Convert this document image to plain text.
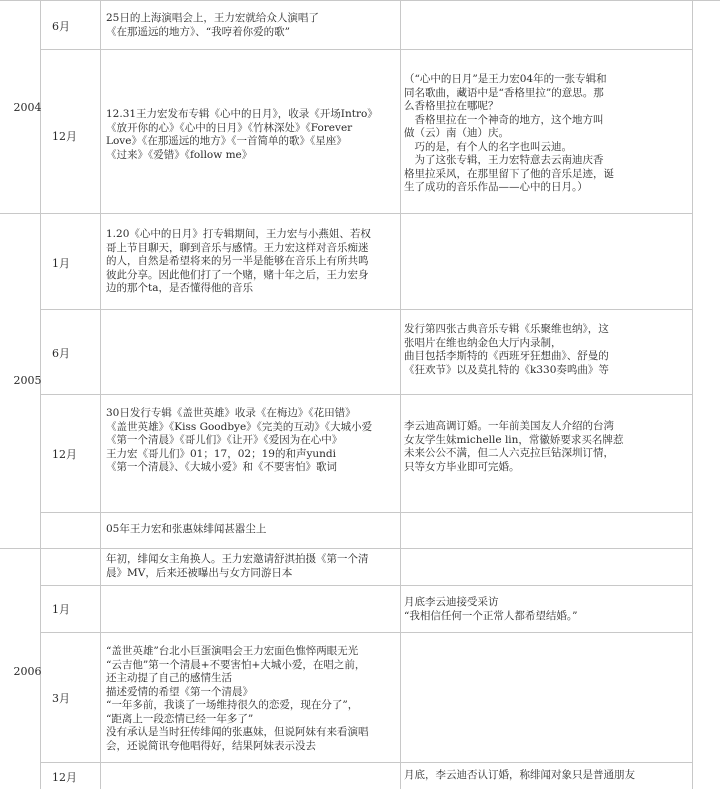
2004
2005
2006
6月
25日的上海演唱会上，王力宏就给众人演唱了
《在那遥远的地方》、“我哼着你爱的歌”
12月
12.31王力宏发布专辑《心中的日月》，收录《开场Intro》
《放开你的心》《心中的日月》《竹林深处》《Forever
Love》《在那遥远的地方》《一首简单的歌》《星座》
《过来》《爱错》《follow me》
（“心中的日月”是王力宏04年的一张专辑和
同名歌曲，藏语中是“香格里拉”的意思。那
么香格里拉在哪呢？
　香格里拉在一个神奇的地方，这个地方叫
做（云）南（迪）庆。
　巧的是，有个人的名字也叫云迪。
　为了这张专辑，王力宏特意去云南迪庆香
格里拉采风，在那里留下了他的音乐足迹，诞
生了成功的音乐作品——心中的日月。）
1月
1.20《心中的日月》打专辑期间，王力宏与小燕姐、若权
哥上节目聊天，聊到音乐与感情。王力宏这样对音乐痴迷
的人，自然是希望将来的另一半是能够在音乐上有所共鸣
彼此分享。因此他们打了一个赌，赌十年之后，王力宏身
边的那个ta，是否懂得他的音乐
6月
发行第四张古典音乐专辑《乐聚维也纳》，这
张唱片在维也纳金色大厅内录制，
曲目包括李斯特的《西班牙狂想曲》、舒曼的
《狂欢节》以及莫扎特的《k330奏鸣曲》等
12月
30日发行专辑《盖世英雄》收录《在梅边》《花田错》
《盖世英雄》《Kiss Goodbye》《完美的互动》《大城小爱
《第一个清晨》《哥儿们》《让开》《爱因为在心中》
王力宏《哥儿们》01；17，02；19的和声yundi
《第一个清晨》、《大城小爱》和《不要害怕》歌词
李云迪高调订婚。一年前美国友人介绍的台湾
女友学生妹michelle lin，常徽娇要求买名牌惹
未来公公不满，但二人六克拉巨钻深圳订情，
只等女方毕业即可完婚。
05年王力宏和张惠妹绯闻甚嚣尘上
年初，绯闻女主角换人。王力宏邀请舒淇拍摄《第一个清
晨》MV，后来还被曝出与女方同游日本
1月
月底李云迪接受采访
“我相信任何一个正常人都希望结婚。”
3月
“盖世英雄”台北小巨蛋演唱会王力宏面色憔悴两眼无光
“云吉他”第一个清晨+不要害怕+大城小爱，在唱之前，
还主动提了自己的感情生活
描述爱情的希望《第一个清晨》
“一年多前，我谈了一场维持很久的恋爱，现在分了”，
“距离上一段恋情已经一年多了”
没有承认是当时狂传绯闻的张惠妹，但说阿妹有来看演唱
会，还说简讯夸他唱得好，结果阿妹表示没去
12月	月底，李云迪否认订婚，称绯闻对象只是普通朋友
